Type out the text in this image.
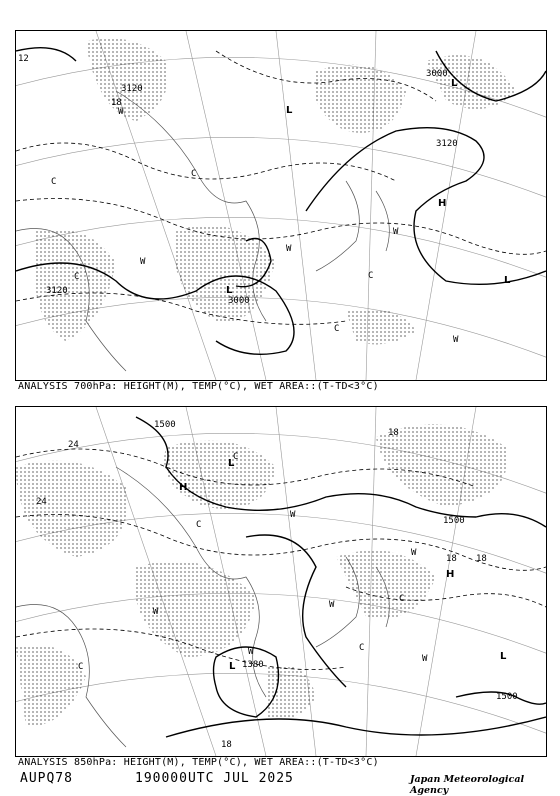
L
3000
3000
3120
3120
3120
L
L
H
L
12
18
C
C
C
W
W
W
W
C
C
W
ANALYSIS 700hPa: HEIGHT(M), TEMP(°C), WET AREA::(T-TD<3°C)
1500
1500
1500
1380
H
L
L
L
H
24
24
18 18
18
18
C
W
W
W
W
C
W
C
C
W
C
ANALYSIS 850hPa: HEIGHT(M), TEMP(°C), WET AREA::(T-TD<3°C)
AUPQ78	190000UTC JUL 2025	Japan Meteorological Agency
